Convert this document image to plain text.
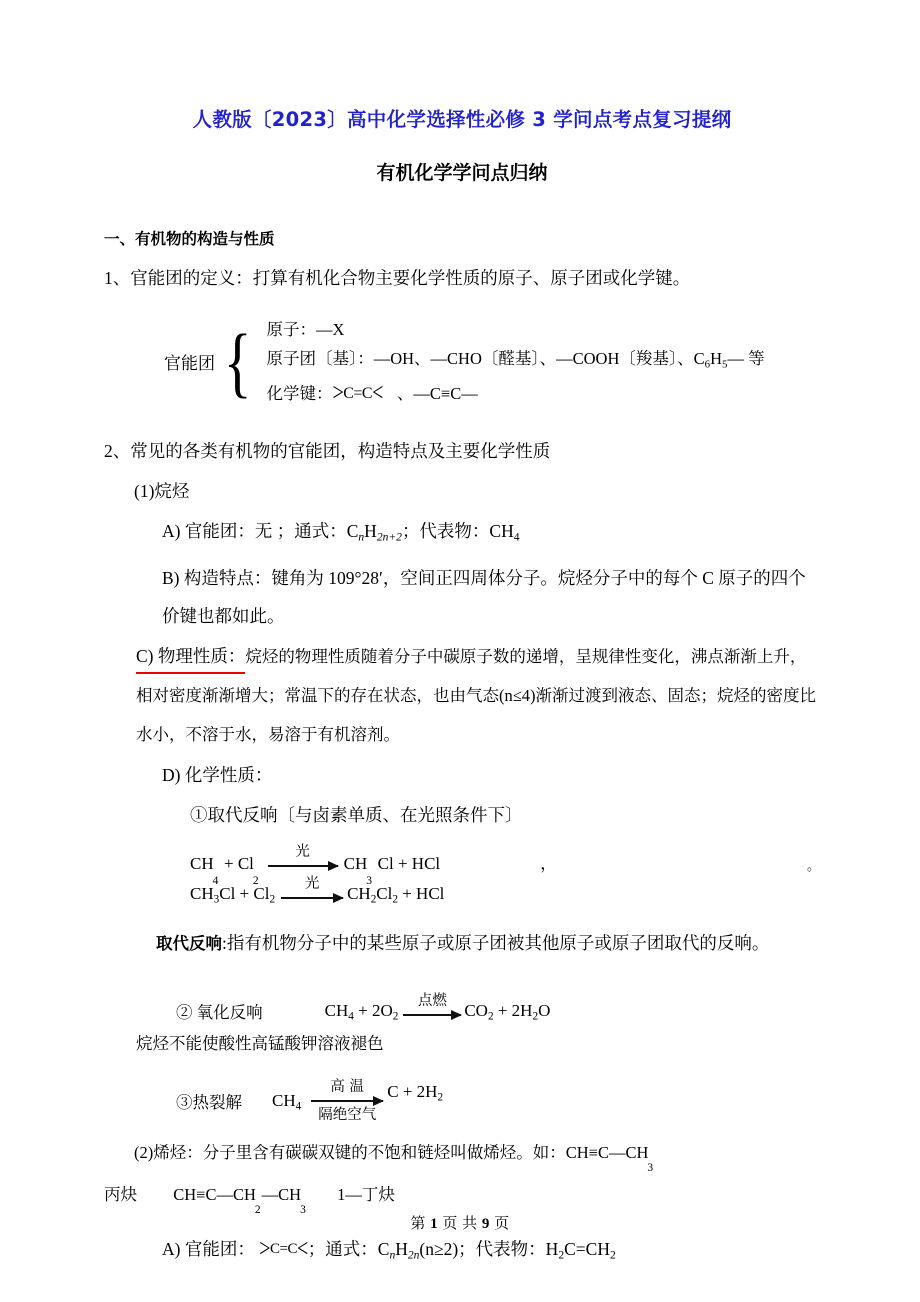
人教版〔2023〕高中化学选择性必修 3 学问点考点复习提纲
有机化学学问点归纳
一、有机物的构造与性质
1、官能团的定义：打算有机化合物主要化学性质的原子、原子团或化学键。
官能团 { 原子：—X
原子团〔基〕：—OH、—CHO〔醛基〕、—COOH〔羧基〕、$C_6H_5—$ 等
化学键： > C=C < 、—C≡C—
2、常见的各类有机物的官能团，构造特点及主要化学性质
(1)烷烃
A) 官能团：无 ；通式：$C_nH_{2n+2}$；代表物：$CH_4$
B) 构造特点：键角为 109°28′，空间正四周体分子。烷烃分子中的每个 C 原子的四个价键也都如此。
C) 物理性质：烷烃的物理性质随着分子中碳原子数的递增，呈规律性变化，沸点渐渐上升，相对密度渐渐增大；常温下的存在状态，也由气态(n≤4)渐渐过渡到液态、固态；烷烃的密度比水小，不溶于水，易溶于有机溶剂。
D) 化学性质：
①取代反响〔与卤素单质、在光照条件下〕
CH
4
+ Cl
2
光
CH
3
Cl + HCl	，	。
$CH_3Cl + Cl_2$
光
$CH_2Cl_2$ + HCl
取代反响:指有机物分子中的某些原子或原子团被其他原子或原子团取代的反响。
② 氧化反响	$CH_4 + 2O_2$
点燃
$CO_2 + 2H_2O$
烷烃不能使酸性高锰酸钾溶液褪色
③热裂解 $CH_4$
高 温
隔绝空气
$C + 2H_2$
(2)烯烃：分子里含有碳碳双键的不饱和链烃叫做烯烃。如：CH≡C—CH3
丙炔 CH≡C—CH2—CH3  1—丁炔
A) 官能团： > C=C < ；通式：$C_nH_{2n}(n\ge 2)$；代表物：$H_2C=CH_2$
第 1 页 共 9 页
